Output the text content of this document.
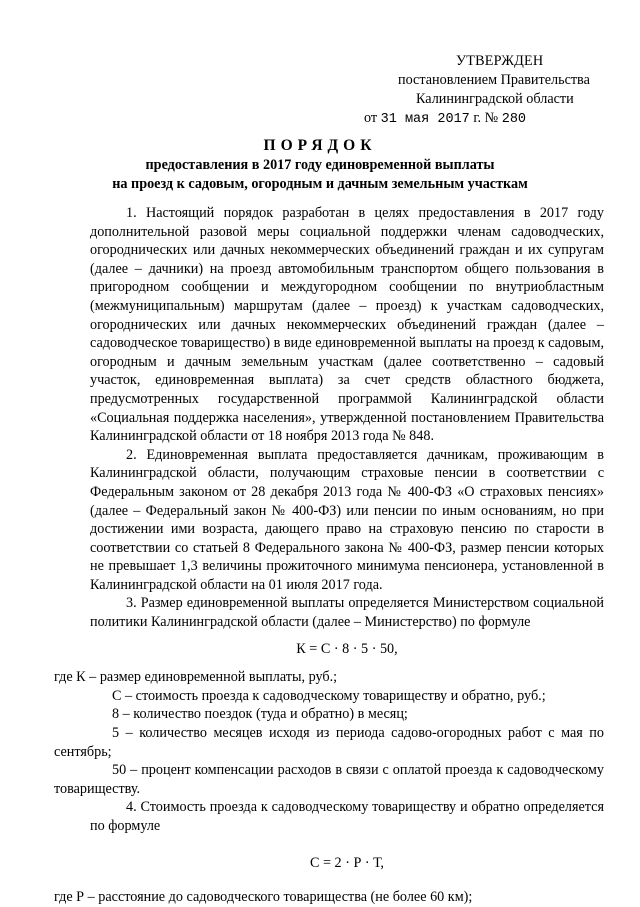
УТВЕРЖДЕН
постановлением Правительства
Калининградской области
от 31 мая 2017 г. № 280
ПОРЯДОК
предоставления в 2017 году единовременной выплаты
на проезд к садовым, огородным и дачным земельным участкам

1. Настоящий порядок разработан в целях предоставления в 2017 году дополнительной разовой меры социальной поддержки членам садоводческих, огороднических или дачных некоммерческих объединений граждан и их супругам (далее – дачники) на проезд автомобильным транспортом общего пользования в пригородном сообщении и междугородном сообщении по внутриобластным (межмуниципальным) маршрутам (далее – проезд) к участкам садоводческих, огороднических или дачных некоммерческих объединений граждан (далее – садоводческое товарищество) в виде единовременной выплаты на проезд к садовым, огородным и дачным земельным участкам (далее соответственно – садовый участок, единовременная выплата) за счет средств областного бюджета, предусмотренных государственной программой Калининградской области «Социальная поддержка населения», утвержденной постановлением Правительства Калининградской области от 18 ноября 2013 года № 848.

2. Единовременная выплата предоставляется дачникам, проживающим в Калининградской области, получающим страховые пенсии в соответствии с Федеральным законом от 28 декабря 2013 года № 400-ФЗ «О страховых пенсиях» (далее – Федеральный закон № 400-ФЗ) или пенсии по иным основаниям, но при достижении ими возраста, дающего право на страховую пенсию по старости в соответствии со статьей 8 Федерального закона № 400-ФЗ, размер пенсии которых не превышает 1,3 величины прожиточного минимума пенсионера, установленной в Калининградской области на 01 июля 2017 года.

3. Размер единовременной выплаты определяется Министерством социальной политики Калининградской области (далее – Министерство) по формуле

К = С · 8 · 5 · 50,

где К – размер единовременной выплаты, руб.;

С – стоимость проезда к садоводческому товариществу и обратно, руб.;

8 – количество поездок (туда и обратно) в месяц;

5 – количество месяцев исходя из периода садово-огородных работ с мая по сентябрь;

50 – процент компенсации расходов в связи с оплатой проезда к садоводческому товариществу.

4. Стоимость проезда к садоводческому товариществу и обратно определяется по формуле

С = 2 · Р · Т,

где Р – расстояние до садоводческого товарищества (не более 60 км);
